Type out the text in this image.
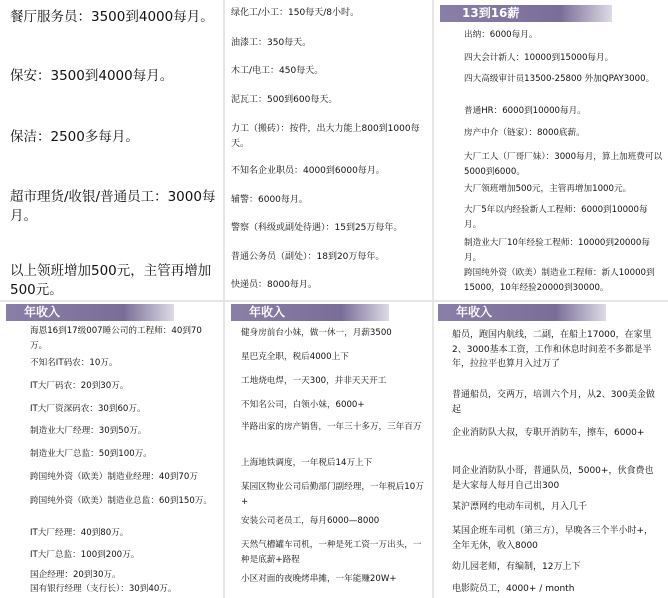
餐厅服务员：3500到4000每月。

保安：3500到4000每月。

保洁：2500多每月。

超市理货/收银/普通员工：3000每月。

以上领班增加500元，主管再增加500元。

绿化工/小工：150每天/8小时。

油漆工：350每天。

木工/电工：450每天。

泥瓦工：500到600每天。

力工（搬砖）：按件，出大力能上800到1000每天。

不知名企业职员：4000到6000每月。

辅警：6000每月。

警察（科级或副处待遇）：15到25万每年。

普通公务员（副处）：18到20万每年。

快递员：8000每月。

13到16薪

出纳：6000每月。

四大会计新人：10000到15000每月。

四大高级审计员13500-25800 外加QPAY3000。

普通HR：6000到10000每月。

房产中介（链家）：8000底薪。

大厂工人（厂哥厂妹）：3000每月，算上加班费可以5000到6000。

大厂领班增加500元，主管再增加1000元。

大厂5年以内经验新人工程师：6000到10000每月。

制造业大厂10年经验工程师：10000到20000每月。

跨国纯外资（欧美）制造业工程师：新人10000到15000，10年经验20000到30000。

年收入

海恩16到17级007睡公司的工程师：40到70万。

不知名IT码农：10万。

IT大厂码农：20到30万。

IT大厂资深码农：30到60万。

制造业大厂经理：30到50万。

制造业大厂总监：50到100万。

跨国纯外资（欧美）制造业经理：40到70万

跨国纯外资（欧美）制造业总监：60到150万。

IT大厂经理：40到80万。

IT大厂总监：100到200万。

国企经理：20到30万。

国有银行经理（支行长）：30到40万。

年收入

健身房前台小妹，做一休一，月薪3500

星巴克全职，税后4000上下

工地烧电焊，一天300，并非天天开工

不知名公司，白领小妹，6000+

半路出家的房产销售，一年三十多万，三年百万

上海地铁调度，一年税后14万上下

某园区物业公司后勤部门副经理，一年税后10万+

安装公司老员工，每月6000—8000

天然气槽罐车司机，一种是死工资一万出头，一种是底薪+路程

小区对面的夜晚烤串摊，一年能赚20W+

年收入

船员，跑国内航线，二副，在船上17000，在家里2、3000基本工资，工作和休息时间差不多都是半年，拉拉平也算月入过万了

普通船员，交两万，培训六个月，从2、300美金做起

企业消防队大叔，专职开消防车，擦车，6000+

同企业消防队小哥，普通队员，5000+，伙食费也是大家每人每月自己出300

某沪漂网约电动车司机，月入几千

某国企班车司机（第三方），早晚各三个半小时+，全年无休，收入8000

幼儿园老师，有编制，12万上下

电影院员工，4000+ / month
